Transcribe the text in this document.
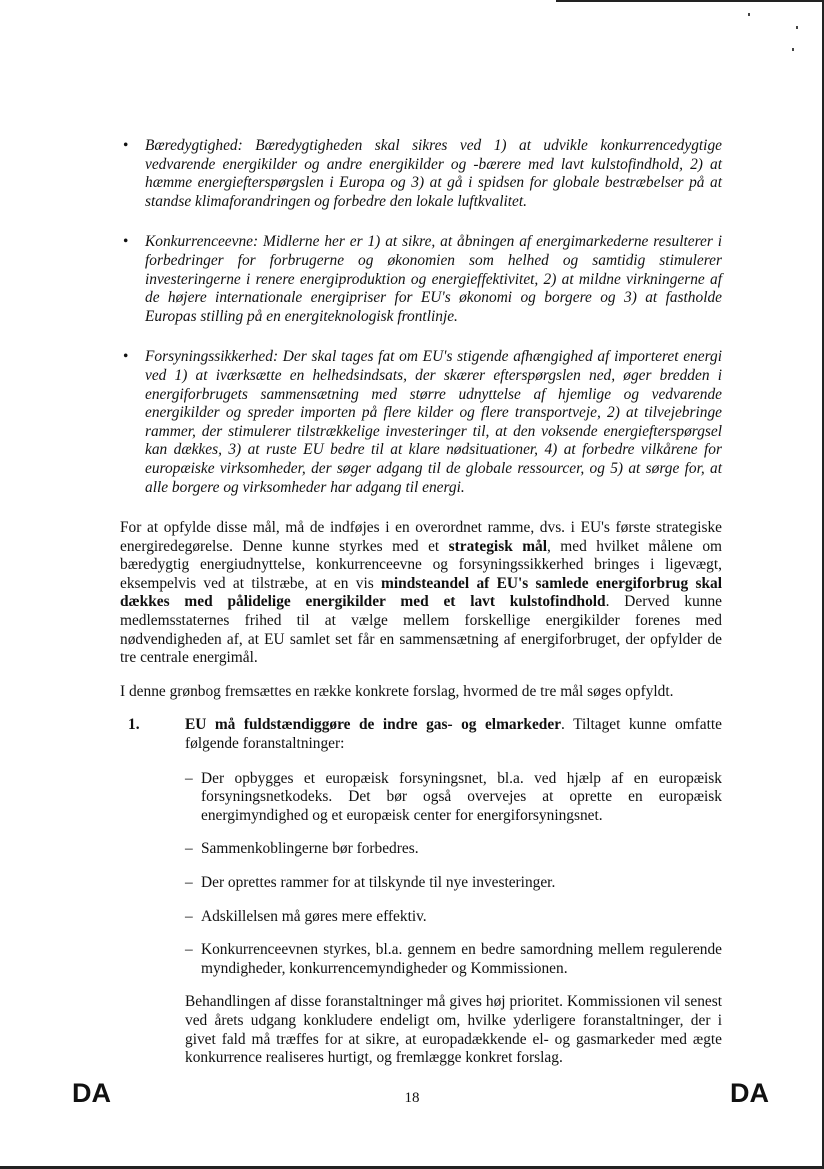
• Bæredygtighed: Bæredygtigheden skal sikres ved 1) at udvikle konkurrencedygtige vedvarende energikilder og andre energikilder og -bærere med lavt kulstofindhold, 2) at hæmme energiefterspørgslen i Europa og 3) at gå i spidsen for globale bestræbelser på at standse klimaforandringen og forbedre den lokale luftkvalitet.
• Konkurrenceevne: Midlerne her er 1) at sikre, at åbningen af energimarkederne resulterer i forbedringer for forbrugerne og økonomien som helhed og samtidig stimulerer investeringerne i renere energiproduktion og energieffektivitet, 2) at mildne virkningerne af de højere internationale energipriser for EU's økonomi og borgere og 3) at fastholde Europas stilling på en energiteknologisk frontlinje.
• Forsyningssikkerhed: Der skal tages fat om EU's stigende afhængighed af importeret energi ved 1) at iværksætte en helhedsindsats, der skærer efterspørgslen ned, øger bredden i energiforbrugets sammensætning med større udnyttelse af hjemlige og vedvarende energikilder og spreder importen på flere kilder og flere transportveje, 2) at tilvejebringe rammer, der stimulerer tilstrækkelige investeringer til, at den voksende energiefterspørgsel kan dækkes, 3) at ruste EU bedre til at klare nødsituationer, 4) at forbedre vilkårene for europæiske virksomheder, der søger adgang til de globale ressourcer, og 5) at sørge for, at alle borgere og virksomheder har adgang til energi.

For at opfylde disse mål, må de indføjes i en overordnet ramme, dvs. i EU's første strategiske energiredegørelse. Denne kunne styrkes med et strategisk mål, med hvilket målene om bæredygtig energiudnyttelse, konkurrenceevne og forsyningssikkerhed bringes i ligevægt, eksempelvis ved at tilstræbe, at en vis mindsteandel af EU's samlede energiforbrug skal dækkes med pålidelige energikilder med et lavt kulstofindhold. Derved kunne medlemsstaternes frihed til at vælge mellem forskellige energikilder forenes med nødvendigheden af, at EU samlet set får en sammensætning af energiforbruget, der opfylder de tre centrale energimål.

I denne grønbog fremsættes en række konkrete forslag, hvormed de tre mål søges opfyldt.

1.	EU må fuldstændiggøre de indre gas- og elmarkeder. Tiltaget kunne omfatte følgende foranstaltninger:
– Der opbygges et europæisk forsyningsnet, bl.a. ved hjælp af en europæisk forsyningsnetkodeks. Det bør også overvejes at oprette en europæisk energimyndighed og et europæisk center for energiforsyningsnet.
– Sammenkoblingerne bør forbedres.
– Der oprettes rammer for at tilskynde til nye investeringer.
– Adskillelsen må gøres mere effektiv.
– Konkurrenceevnen styrkes, bl.a. gennem en bedre samordning mellem regulerende myndigheder, konkurrencemyndigheder og Kommissionen.

Behandlingen af disse foranstaltninger må gives høj prioritet. Kommissionen vil senest ved årets udgang konkludere endeligt om, hvilke yderligere foranstaltninger, der i givet fald må træffes for at sikre, at europadækkende el- og gasmarkeder med ægte konkurrence realiseres hurtigt, og fremlægge konkret forslag.

DA	18	DA
